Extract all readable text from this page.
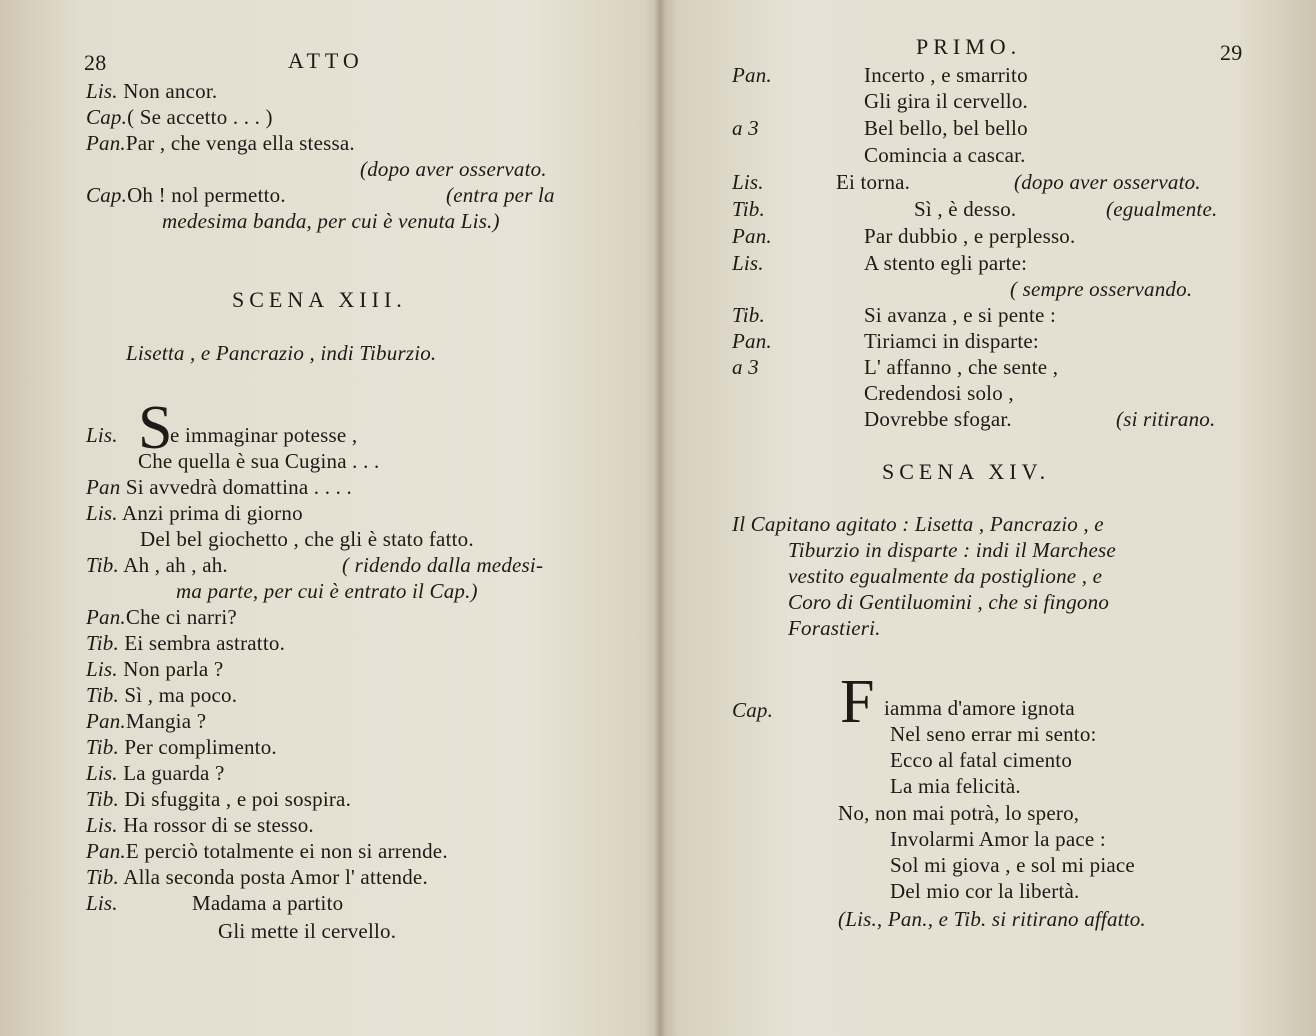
28	ATTO
Lis. Non ancor.
Cap.( Se accetto . . . )
Pan.Par , che venga ella stessa.
(dopo aver osservato.
Cap.Oh ! nol permetto.	(entra per la
medesima banda, per cui è venuta Lis.)
SCENA XIII.
Lisetta , e Pancrazio , indi Tiburzio.
S
Lis. e immaginar potesse ,
Che quella è sua Cugina . . .
Pan Si avvedrà domattina . . . .
Lis. Anzi prima di giorno
Del bel giochetto , che gli è stato fatto.
Tib. Ah , ah , ah.	( ridendo dalla medesi-
ma parte, per cui è entrato il Cap.)
Pan.Che ci narri?
Tib. Ei sembra astratto.
Lis. Non parla ?
Tib. Sì , ma poco.
Pan.Mangia ?
Tib. Per complimento.
Lis. La guarda ?
Tib. Di sfuggita , e poi sospira.
Lis. Ha rossor di se stesso.
Pan.E perciò totalmente ei non si arrende.
Tib. Alla seconda posta Amor l' attende.
Lis.	Madama a partito
Gli mette il cervello.
PRIMO.	29
Pan.	Incerto , e smarrito
Gli gira il cervello.
a 3	Bel bello, bel bello
Comincia a cascar.
Lis.	Ei torna.	(dopo aver osservato.
Tib.	Sì , è desso.	(egualmente.
Pan.	Par dubbio , e perplesso.
Lis.	A stento egli parte:
( sempre osservando.
Tib.	Si avanza , e si pente :
Pan.	Tiriamci in disparte:
a 3	L' affanno , che sente ,
Credendosi solo ,
Dovrebbe sfogar.	(si ritirano.
SCENA XIV.
Il Capitano agitato : Lisetta , Pancrazio , e
Tiburzio in disparte : indi il Marchese
vestito egualmente da postiglione , e
Coro di Gentiluomini , che si fingono
Forastieri.
Cap. F iamma d'amore ignota
Nel seno errar mi sento:
Ecco al fatal cimento
La mia felicità.
No, non mai potrà, lo spero,
Involarmi Amor la pace :
Sol mi giova , e sol mi piace
Del mio cor la libertà.
(Lis., Pan., e Tib. si ritirano affatto.
